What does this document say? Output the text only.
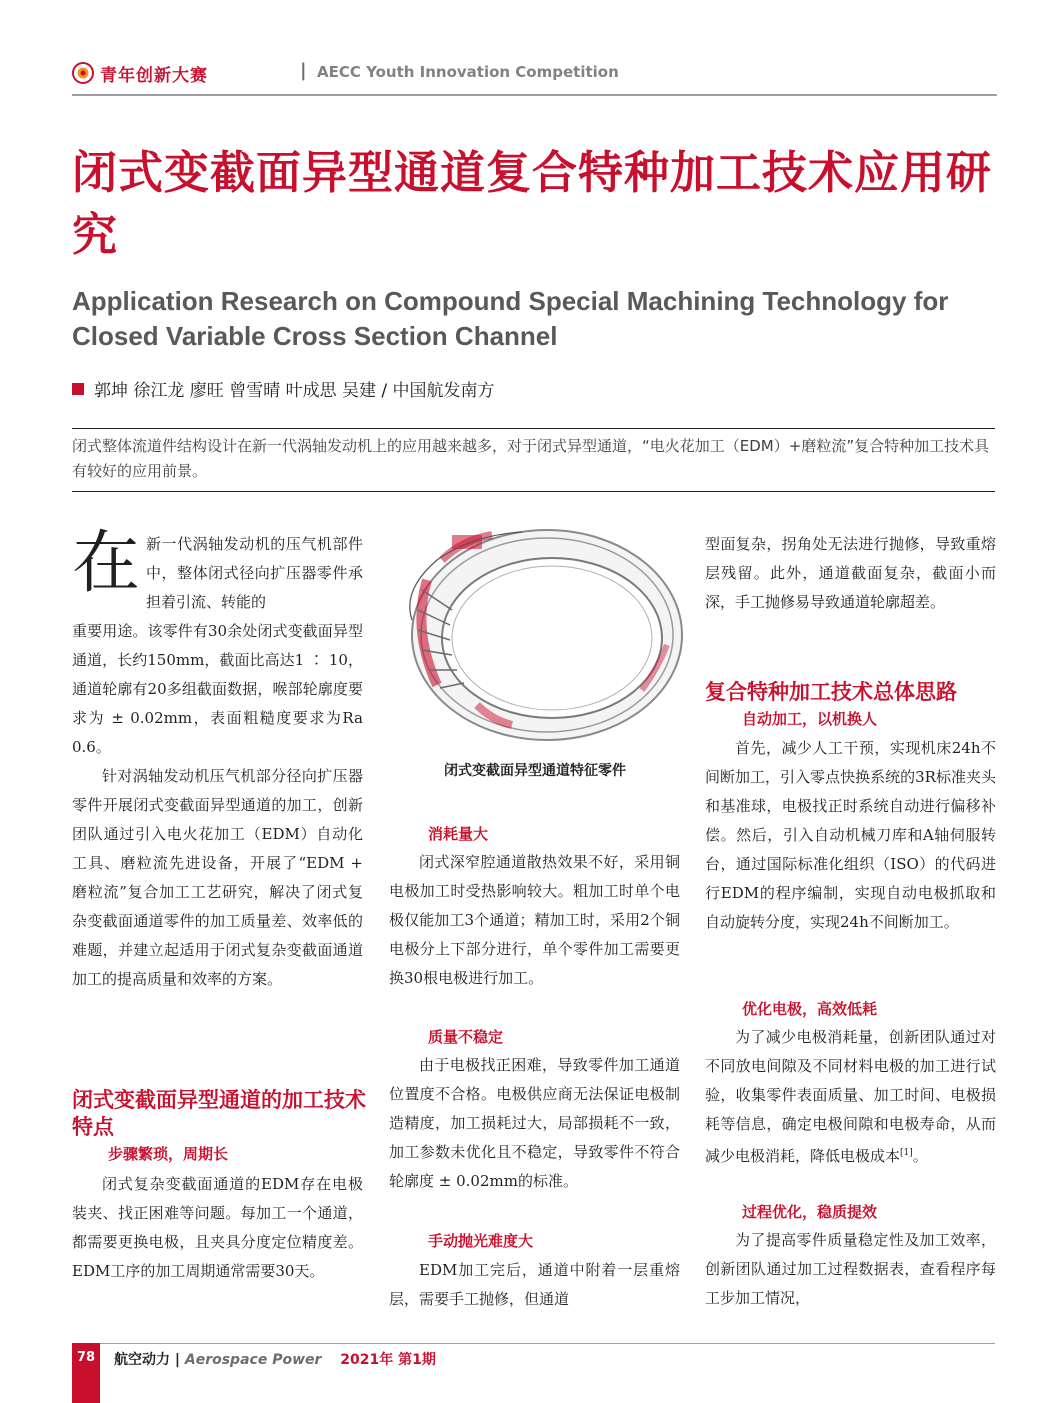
青年创新大赛	| AECC Youth Innovation Competition
闭式变截面异型通道复合特种加工技术应用研究
Application Research on Compound Special Machining Technology for Closed Variable Cross Section Channel
郭坤 徐江龙 廖旺 曾雪晴 叶成思 吴建 / 中国航发南方
闭式整体流道件结构设计在新一代涡轴发动机上的应用越来越多，对于闭式异型通道，“电火花加工（EDM）+磨粒流”复合特种加工技术具有较好的应用前景。
在 新一代涡轴发动机的压气机部件中，整体闭式径向扩压器零件承担着引流、转能的
重要用途。该零件有30余处闭式变截面异型通道，长约150mm，截面比高达1 ∶ 10，通道轮廓有20多组截面数据，喉部轮廓度要求为 ± 0.02mm，表面粗糙度要求为Ra 0.6。
针对涡轴发动机压气机部分径向扩压器零件开展闭式变截面异型通道的加工，创新团队通过引入电火花加工（EDM）自动化工具、磨粒流先进设备，开展了“EDM + 磨粒流”复合加工工艺研究，解决了闭式复杂变截面通道零件的加工质量差、效率低的难题，并建立起适用于闭式复杂变截面通道加工的提高质量和效率的方案。
闭式变截面异型通道的加工技术特点
步骤繁琐，周期长
闭式复杂变截面通道的EDM存在电极装夹、找正困难等问题。每加工一个通道，都需要更换电极，且夹具分度定位精度差。EDM工序的加工周期通常需要30天。
闭式变截面异型通道特征零件
消耗量大
闭式深窄腔通道散热效果不好，采用铜电极加工时受热影响较大。粗加工时单个电极仅能加工3个通道；精加工时，采用2个铜电极分上下部分进行，单个零件加工需要更换30根电极进行加工。
质量不稳定
由于电极找正困难，导致零件加工通道位置度不合格。电极供应商无法保证电极制造精度，加工损耗过大，局部损耗不一致，加工参数未优化且不稳定，导致零件不符合轮廓度 ± 0.02mm的标准。
手动抛光难度大
EDM加工完后，通道中附着一层重熔层，需要手工抛修，但通道
型面复杂，拐角处无法进行抛修，导致重熔层残留。此外，通道截面复杂，截面小而深，手工抛修易导致通道轮廓超差。
复合特种加工技术总体思路
自动加工，以机换人
首先，减少人工干预，实现机床24h不间断加工，引入零点快换系统的3R标准夹头和基准球，电极找正时系统自动进行偏移补偿。然后，引入自动机械刀库和A轴伺服转台，通过国际标准化组织（ISO）的代码进行EDM的程序编制，实现自动电极抓取和自动旋转分度，实现24h不间断加工。
优化电极，高效低耗
为了减少电极消耗量，创新团队通过对不同放电间隙及不同材料电极的加工进行试验，收集零件表面质量、加工时间、电极损耗等信息，确定电极间隙和电极寿命，从而减少电极消耗，降低电极成本[1]。
过程优化，稳质提效
为了提高零件质量稳定性及加工效率，创新团队通过加工过程数据表，查看程序每工步加工情况，
78	航空动力 | Aerospace Power 2021年 第1期
